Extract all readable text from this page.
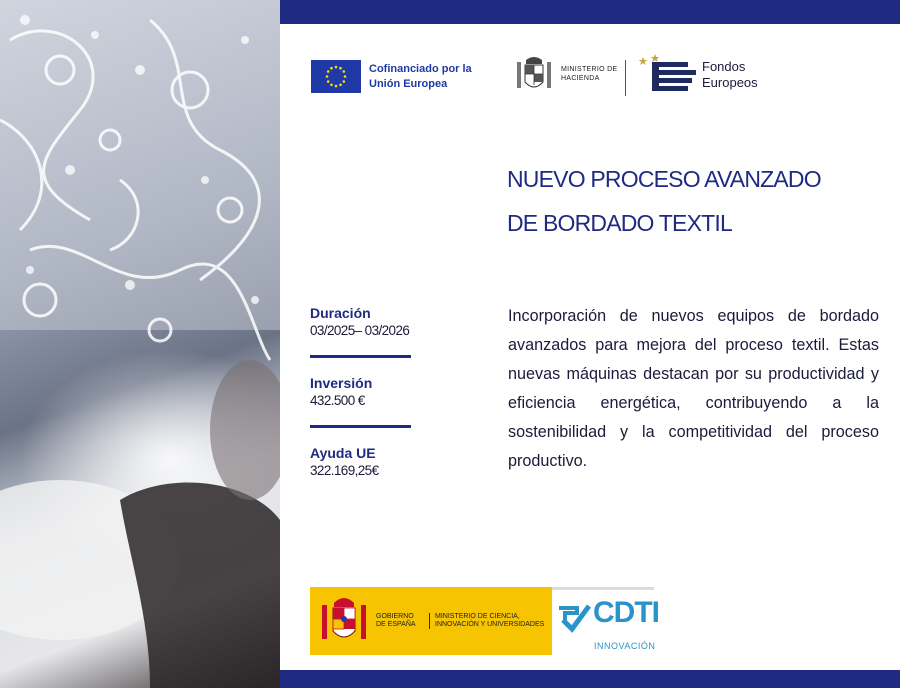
Cofinanciado por la Unión Europea
MINISTERIO DE HACIENDA
Fondos Europeos
NUEVO PROCESO AVANZADO
DE BORDADO TEXTIL
Duración
03/2025– 03/2026
Inversión
432.500 €
Ayuda UE
322.169,25€
Incorporación de nuevos equipos de bordado avanzados para mejora del proceso textil. Estas nuevas máquinas destacan por su productividad y eficiencia energética, contribuyendo a la sostenibilidad y la competitividad del proceso productivo.
GOBIERNO DE ESPAÑA
MINISTERIO DE CIENCIA, INNOVACIÓN Y UNIVERSIDADES CDTI
INNOVACIÓN
